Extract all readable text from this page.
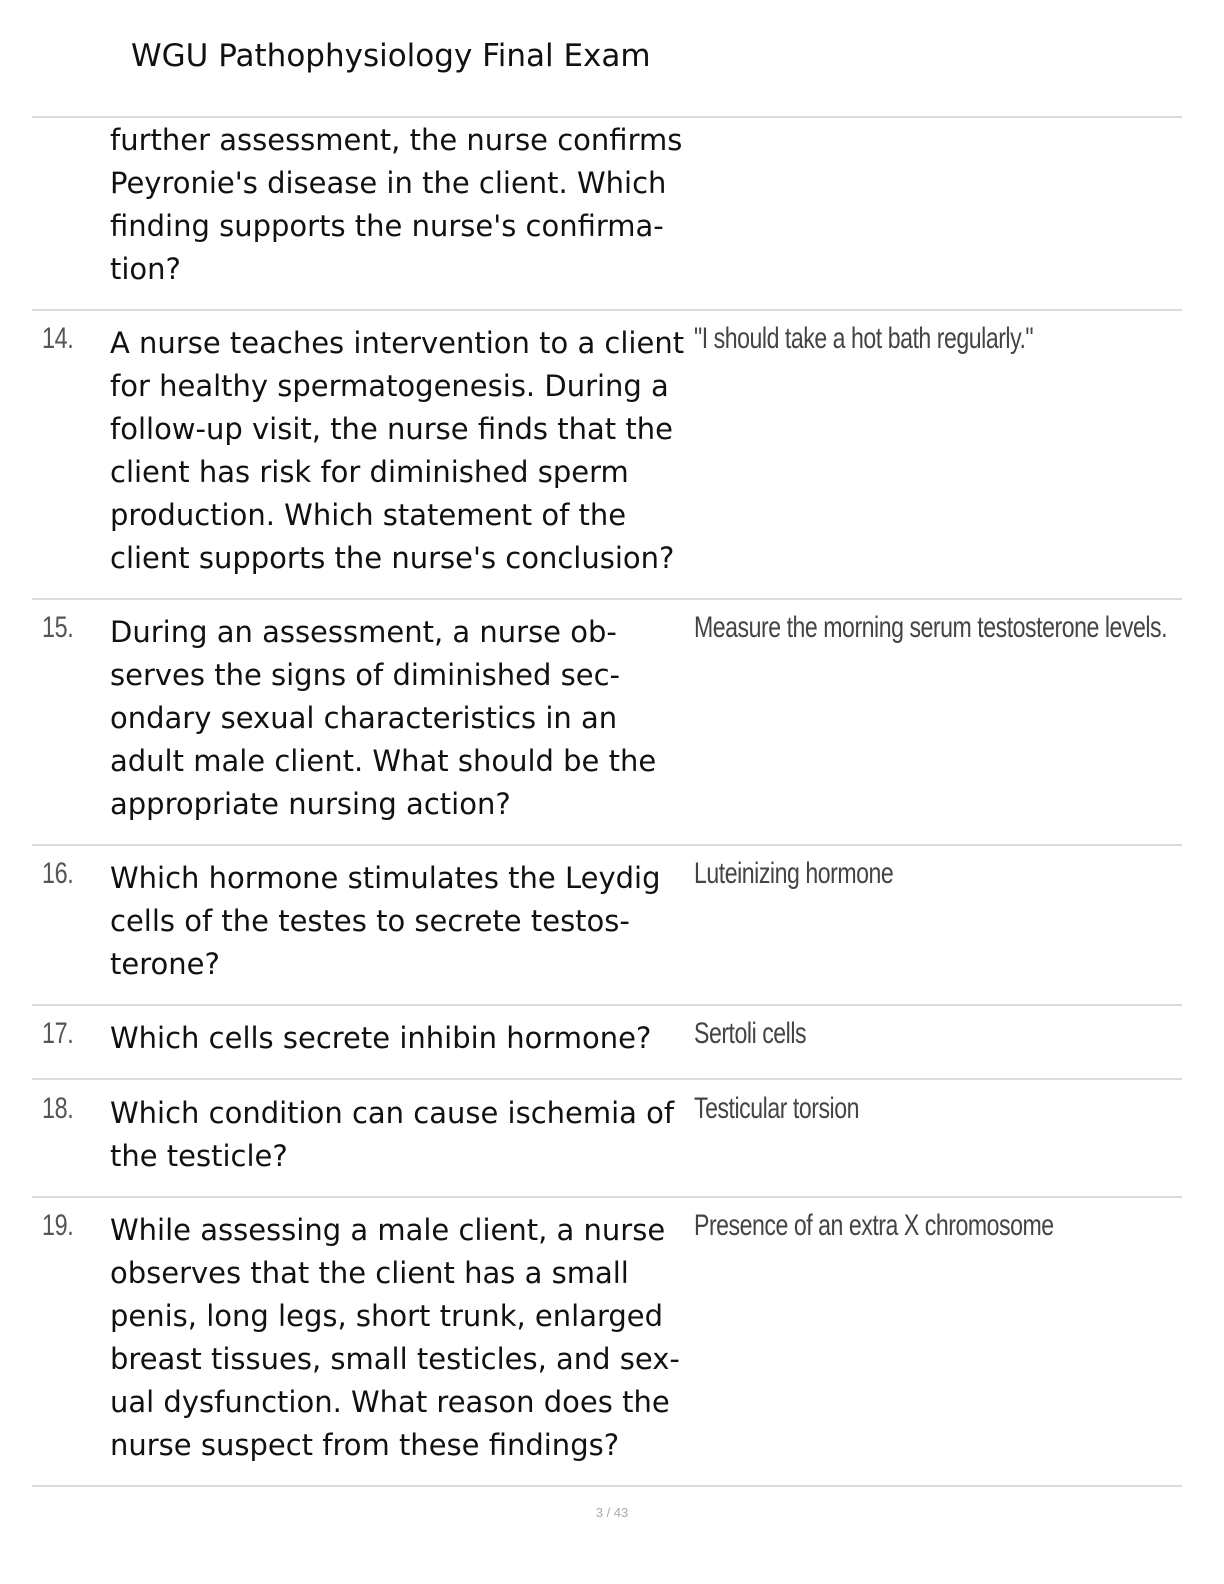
WGU Pathophysiology Final Exam
further assessment, the nurse confirms
Peyronie's disease in the client. Which
finding supports the nurse's confirma-
tion?
14. A nurse teaches intervention to a client
for healthy spermatogenesis. During a
follow-up visit, the nurse finds that the
client has risk for diminished sperm
production. Which statement of the
client supports the nurse's conclusion?
"I should take a hot bath regularly."
15. During an assessment, a nurse ob-
serves the signs of diminished sec-
ondary sexual characteristics in an
adult male client. What should be the
appropriate nursing action?
Measure the morning serum testosterone levels.
16. Which hormone stimulates the Leydig
cells of the testes to secrete testos-
terone?
Luteinizing hormone
17. Which cells secrete inhibin hormone?	Sertoli cells
18. Which condition can cause ischemia of
the testicle?
Testicular torsion
19. While assessing a male client, a nurse
observes that the client has a small
penis, long legs, short trunk, enlarged
breast tissues, small testicles, and sex-
ual dysfunction. What reason does the
nurse suspect from these findings?
Presence of an extra X chromosome
3 / 43
